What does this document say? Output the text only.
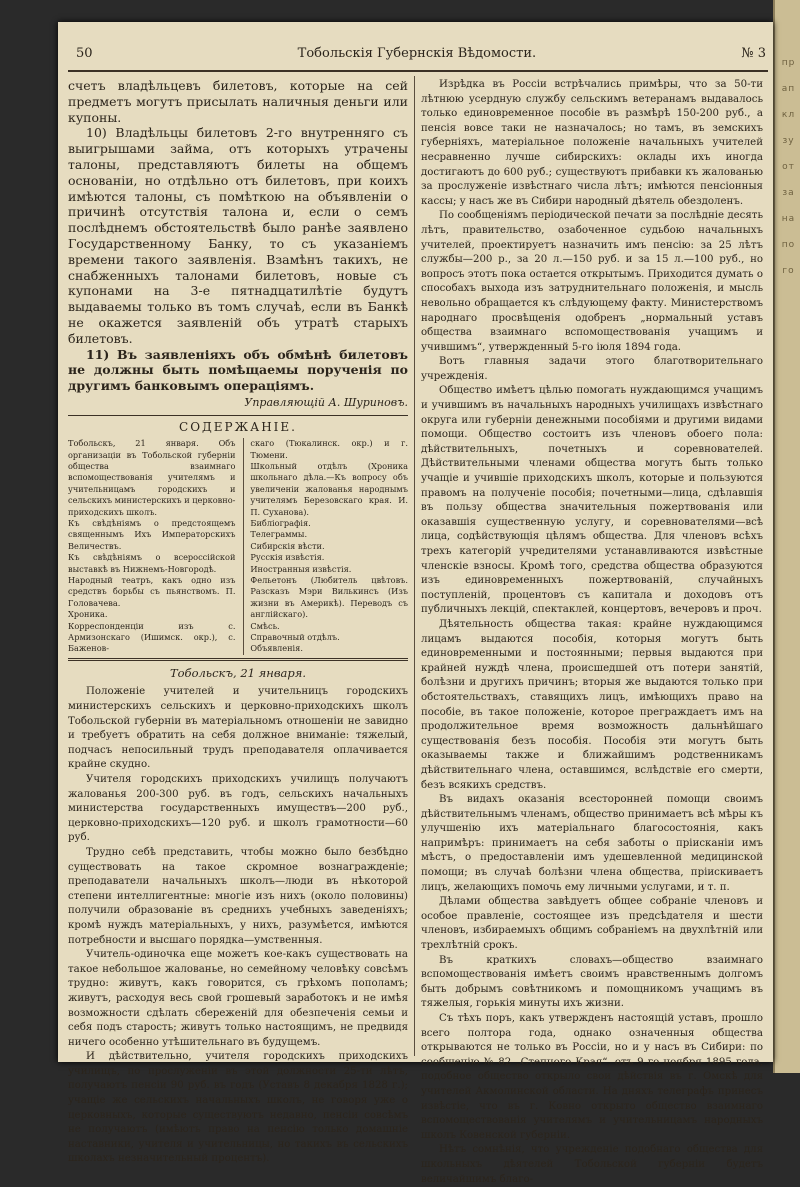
пр
ап
кл
зу
от
за
на
по
го
50	Тобольскія Губернскія Вѣдомости.	№ 3

счетъ владѣльцевъ билетовъ, которые на сей предметъ могутъ присылать наличныя деньги или купоны.

10) Владѣльцы билетовъ 2-го внутренняго съ выигрышами займа, отъ которыхъ утрачены талоны, представляютъ билеты на общемъ основаніи, но отдѣльно отъ билетовъ, при коихъ имѣются талоны, съ помѣткою на объявленіи о причинѣ отсутствія талона и, если о семъ послѣднемъ обстоятельствѣ было ранѣе заявлено Государственному Банку, то съ указаніемъ времени такого заявленія. Взамѣнъ такихъ, не снабженныхъ талонами билетовъ, новые съ купонами на 3-е пятнадцатилѣтіе будутъ выдаваемы только въ томъ случаѣ, если въ Банкѣ не окажется заявленій объ утратѣ старыхъ билетовъ.

11) Въ заявленіяхъ объ обмѣнѣ билетовъ не должны быть помѣщаемы порученія по другимъ банковымъ операціямъ.

Управляющій А. Шуриновъ.
СОДЕРЖАНІЕ.

Тобольскъ, 21 января. Объ организаціи въ Тобольской губерніи общества взаимнаго вспомоществованія учителямъ и учительницамъ городскихъ и сельскихъ министерскихъ и церковно-приходскихъ школъ.

Къ свѣдѣніямъ о предстоящемъ священнымъ Ихъ Императорскихъ Величествъ.

Къ свѣдѣніямъ о всероссійской выставкѣ въ Нижнемъ-Новгородѣ.

Народный театръ, какъ одно изъ средствъ борьбы съ пьянствомъ. П. Головачева.

Хроника.

Корреспонденціи изъ с. Армизонскаго (Ишимск. окр.), с. Баженов-

скаго (Тюкалинск. окр.) и г. Тюмени.

Школьный отдѣлъ (Хроника школьнаго дѣла.—Къ вопросу объ увеличеніи жалованья народнымъ учителямъ Березовскаго края. И. П. Суханова).

Библіографія.

Телеграммы.

Сибирскія вѣсти.

Русскія извѣстія.

Иностранныя извѣстія.

Фельетонъ (Любитель цвѣтовъ. Разсказъ Мэри Вилькинсъ (Изъ жизни въ Америкѣ). Переводъ съ англійскаго).

Смѣсь.

Справочный отдѣлъ.

Объявленія.

Тобольскъ, 21 января.

Положеніе учителей и учительницъ городскихъ министерскихъ сельскихъ и церковно-приходскихъ школъ Тобольской губерніи въ матеріальномъ отношеніи не завидно и требуетъ обратить на себя должное вниманіе: тяжелый, подчасъ непосильный трудъ преподавателя оплачивается крайне скудно.

Учителя городскихъ приходскихъ училищъ получаютъ жалованья 200-300 руб. въ годъ, сельскихъ начальныхъ министерства государственныхъ имуществъ—200 руб., церковно-приходскихъ—120 руб. и школъ грамотности—60 руб.

Трудно себѣ представить, чтобы можно было безбѣдно существовать на такое скромное вознагражденіе; преподаватели начальныхъ школъ—люди въ нѣкоторой степени интеллигентные: многіе изъ нихъ (около половины) получили образованіе въ среднихъ учебныхъ заведеніяхъ; кромѣ нуждъ матеріальныхъ, у нихъ, разумѣется, имѣются потребности и высшаго порядка—умственныя.

Учитель-одиночка еще можетъ кое-какъ существовать на такое небольшое жалованье, но семейному человѣку совсѣмъ трудно: живутъ, какъ говорится, съ грѣхомъ пополамъ; живутъ, расходуя весь свой грошевый заработокъ и не имѣя возможности сдѣлать сбереженій для обезпеченія семьи и себя подъ старость; живутъ только настоящимъ, не предвидя ничего особенно утѣшительнаго въ будущемъ.

И дѣйствительно, учителя городскихъ приходскихъ училищъ, по прослуженіи въ этой должности 25-ти лѣтъ, получаютъ пенсіи 90 руб. въ годъ (Уставъ 8 декабря 1828 г.); учащіе же сельскихъ начальныхъ школъ, не говоря уже о церковныхъ, которые существуютъ недавно, пенсіи совсѣмъ не получаютъ (имѣютъ право на пенсію только домашніе наставники, учителя и учительницы, но такихъ въ сельскихъ школахъ незначительный процентъ).

Изрѣдка въ Россіи встрѣчались примѣры, что за 50-ти лѣтнюю усердную службу сельскимъ ветеранамъ выдавалось только единовременное пособіе въ размѣрѣ 150-200 руб., а пенсія вовсе таки не назначалось; но тамъ, въ земскихъ губерніяхъ, матеріальное положеніе начальныхъ учителей несравненно лучше сибирскихъ: оклады ихъ иногда достигаютъ до 600 руб.; существуютъ прибавки къ жалованью за прослуженіе извѣстнаго числа лѣтъ; имѣются пенсіонныя кассы; у насъ же въ Сибири народный дѣятель обездоленъ.

По сообщеніямъ періодической печати за послѣдніе десять лѣтъ, правительство, озабоченное судьбою начальныхъ учителей, проектируетъ назначить имъ пенсію: за 25 лѣтъ службы—200 р., за 20 л.—150 руб. и за 15 л.—100 руб., но вопросъ этотъ пока остается открытымъ. Приходится думать о способахъ выхода изъ затруднительнаго положенія, и мысль невольно обращается къ слѣдующему факту. Министерствомъ народнаго просвѣщенія одобренъ „нормальный уставъ общества взаимнаго вспомоществованія учащимъ и учившимъ“, утвержденный 5-го іюля 1894 года.

Вотъ главныя задачи этого благотворительнаго учрежденія.

Общество имѣетъ цѣлью помогать нуждающимся учащимъ и учившимъ въ начальныхъ народныхъ училищахъ извѣстнаго округа или губерніи денежными пособіями и другими видами помощи. Общество состоитъ изъ членовъ обоего пола: дѣйствительныхъ, почетныхъ и соревнователей. Дѣйствительными членами общества могутъ быть только учащіе и учившіе приходскихъ школъ, которые и пользуются правомъ на полученіе пособія; почетными—лица, сдѣлавшія въ пользу общества значительныя пожертвованія или оказавшія существенную услугу, и соревнователями—всѣ лица, содѣйствующія цѣлямъ общества. Для членовъ всѣхъ трехъ категорій учредителями устанавливаются извѣстные членскіе взносы. Кромѣ того, средства общества образуются изъ единовременныхъ пожертвованій, случайныхъ поступленій, процентовъ съ капитала и доходовъ отъ публичныхъ лекцій, спектаклей, концертовъ, вечеровъ и проч.

Дѣятельность общества такая: крайне нуждающимся лицамъ выдаются пособія, которыя могутъ быть единовременными и постоянными; первыя выдаются при крайней нуждѣ члена, происшедшей отъ потери занятій, болѣзни и другихъ причинъ; вторыя же выдаются только при обстоятельствахъ, ставящихъ лицъ, имѣющихъ право на пособіе, въ такое положеніе, которое преграждаетъ имъ на продолжительное время возможность дальнѣйшаго существованія безъ пособія. Пособія эти могутъ быть оказываемы также и ближайшимъ родственникамъ дѣйствительнаго члена, оставшимся, вслѣдствіе его смерти, безъ всякихъ средствъ.

Въ видахъ оказанія всесторонней помощи своимъ дѣйствительнымъ членамъ, общество принимаетъ всѣ мѣры къ улучшенію ихъ матеріальнаго благосостоянія, какъ напримѣръ: принимаетъ на себя заботы о пріисканіи имъ мѣстъ, о предоставленіи имъ удешевленной медицинской помощи; въ случаѣ болѣзни члена общества, пріискиваетъ лицъ, желающихъ помочь ему личными услугами, и т. п.

Дѣлами общества завѣдуетъ общее собраніе членовъ и особое правленіе, состоящее изъ предсѣдателя и шести членовъ, избираемыхъ общимъ собраніемъ на двухлѣтній или трехлѣтній срокъ.

Въ краткихъ словахъ—общество взаимнаго вспомоществованія имѣетъ своимъ нравственнымъ долгомъ быть добрымъ совѣтникомъ и помощникомъ учащимъ въ тяжелыя, горькія минуты ихъ жизни.

Съ тѣхъ поръ, какъ утвержденъ настоящій уставъ, прошло всего полтора года, однако означенныя общества открываются не только въ Россіи, но и у насъ въ Сибири: по сообщенію № 82 „Степного Края“, отъ 9 го ноября 1895 года, подобное общество открыло свои дѣйствія въ г. Омскѣ для учителей Акмолинской области. На дняхъ телеграфъ принесъ извѣстіе, что въ г. Ковно открыто общество взаимнаго вспомоществованія учителямъ и учительницамъ народныхъ школъ Ковенской губерніи.

Нѣтъ сомнѣнія, что учрежденіе подобнаго общества для школьныхъ дѣятелей Тобольской губерніи будетъ величайшимъ благо-
